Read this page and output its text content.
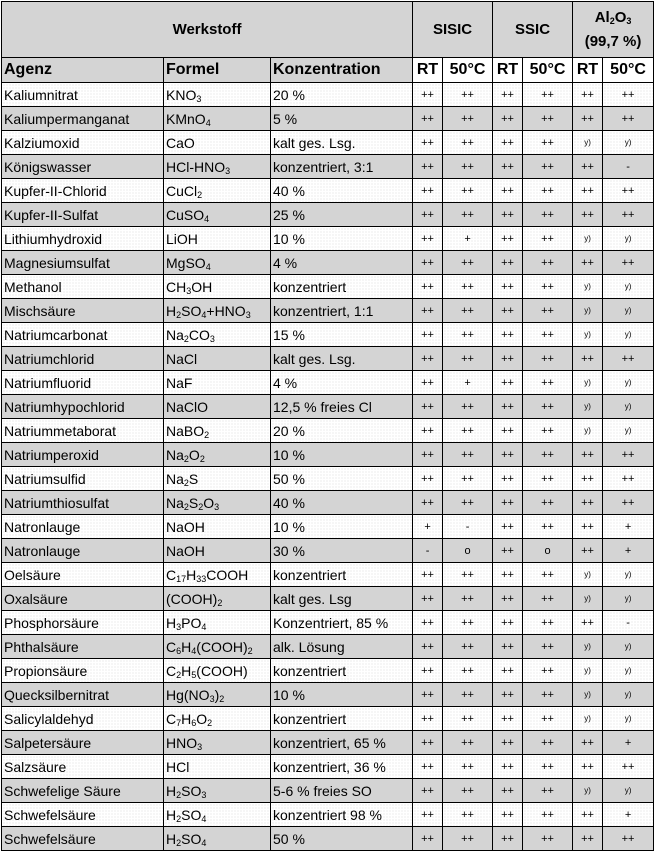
Werkstoff			SISIC		SSIC		$Al_2O_3$
(99,7 %)	
Agenz	Formel	Konzentration	RT	50°C	RT	50°C	RT	50°C
Kaliumnitrat	$KNO_3$	20 %	++	++	++	++	++	++
Kaliumpermanganat	KMnO$_4$	5 %	++	++	++	++	++	++
Kalziumoxid	CaO	kalt ges. Lsg.	++	++	++	++	y)	y)
Königswasser	HCl-$HNO_3$	konzentriert, 3:1	++	++	++	++	++	-
Kupfer-II-Chlorid	CuCl$_2$	40 %	++	++	++	++	++	++
Kupfer-II-Sulfat	CuSO$_4$	25 %	++	++	++	++	++	++
Lithiumhydroxid	LiOH	10 %	++	+	++	++	y)	y)
Magnesiumsulfat	MgSO$_4$	4 %	++	++	++	++	++	++
Methanol	$CH_3OH$	konzentriert	++	++	++	++	y)	y)
Mischsäure	$H_2SO_4+HNO_3$	konzentriert, 1:1	++	++	++	++	y)	y)
Natriumcarbonat	$Na_2CO_3$	15 %	++	++	++	++	y)	y)
Natriumchlorid	NaCl	kalt ges. Lsg.	++	++	++	++	++	++
Natriumfluorid	NaF	4 %	++	+	++	++	y)	y)
Natriumhypochlorid	NaClO	12,5 % freies Cl	++	++	++	++	y)	y)
Natriummetaborat	NaBO$_2$	20 %	++	++	++	++	y)	y)
Natriumperoxid	$Na_2O_2$	10 %	++	++	++	++	++	++
Natriumsulfid	$Na_2S$	50 %	++	++	++	++	++	++
Natriumthiosulfat	$Na_2S_2O_3$	40 %	++	++	++	++	++	++
Natronlauge	NaOH	10 %	+	-	++	++	++	+
Natronlauge	NaOH	30 %	-	o	++	o	++	+
Oelsäure	$C_{17}H_{33}COOH$	konzentriert	++	++	++	++	y)	y)
Oxalsäure	$(COOH)_2$	kalt ges. Lsg	++	++	++	++	y)	y)
Phosphorsäure	$H_3PO_4$	Konzentriert, 85 %	++	++	++	++	++	-
Phthalsäure	$C_6H_4(COOH)_2$	alk. Lösung	++	++	++	++	y)	y)
Propionsäure	$C_2H_5(COOH)$	konzentriert	++	++	++	++	y)	y)
Quecksilbernitrat	$Hg(NO_3)_2$	10 %	++	++	++	++	y)	y)
Salicylaldehyd	$C_7H_6O_2$	konzentriert	++	++	++	++	y)	y)
Salpetersäure	$HNO_3$	konzentriert, 65 %	++	++	++	++	++	+
Salzsäure	HCl	konzentriert, 36 %	++	++	++	++	++	++
Schwefelige Säure	$H_2SO_3$	5-6 % freies SO	++	++	++	++	y)	y)
Schwefelsäure	$H_2SO_4$	konzentriert 98 %	++	++	++	++	++	+
Schwefelsäure	$H_2SO_4$	50 %	++	++	++	++	++	++
